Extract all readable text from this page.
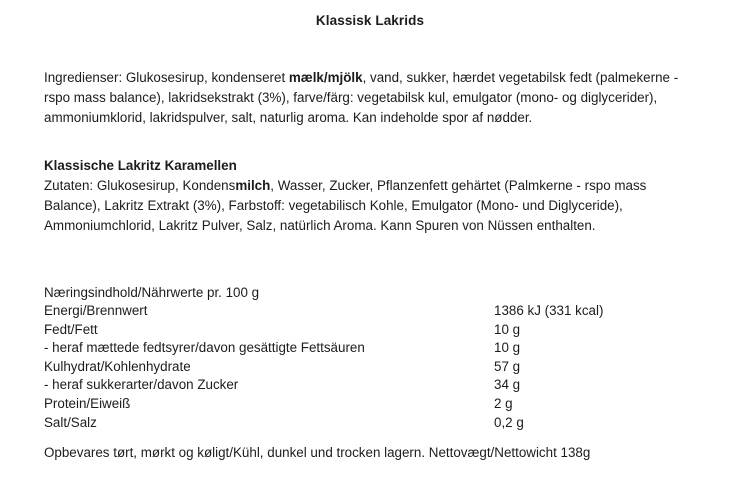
Klassisk Lakrids

Ingredienser: Glukosesirup, kondenseret mælk/mjölk, vand, sukker, hærdet vegetabilsk fedt (palmekerne - rspo mass balance), lakridsekstrakt (3%), farve/färg: vegetabilsk kul, emulgator (mono- og diglycerider), ammoniumklorid, lakridspulver, salt, naturlig aroma. Kan indeholde spor af nødder.

Klassische Lakritz Karamellen

Zutaten: Glukosesirup, Kondensmilch, Wasser, Zucker, Pflanzenfett gehärtet (Palmkerne - rspo mass Balance), Lakritz Extrakt (3%), Farbstoff: vegetabilisch Kohle, Emulgator (Mono- und Diglyceride), Ammoniumchlorid, Lakritz Pulver, Salz, natürlich Aroma. Kann Spuren von Nüssen enthalten.

Næringsindhold/Nährwerte pr. 100 g
Energi/Brennwert	1386 kJ (331 kcal)
Fedt/Fett	10 g
- heraf mættede fedtsyrer/davon gesättigte Fettsäuren	10 g
Kulhydrat/Kohlenhydrate	57 g
- heraf sukkerarter/davon Zucker	34 g
Protein/Eiweiß	2 g
Salt/Salz	0,2 g
Opbevares tørt, mørkt og køligt/Kühl, dunkel und trocken lagern. Nettovægt/Nettowicht 138g
